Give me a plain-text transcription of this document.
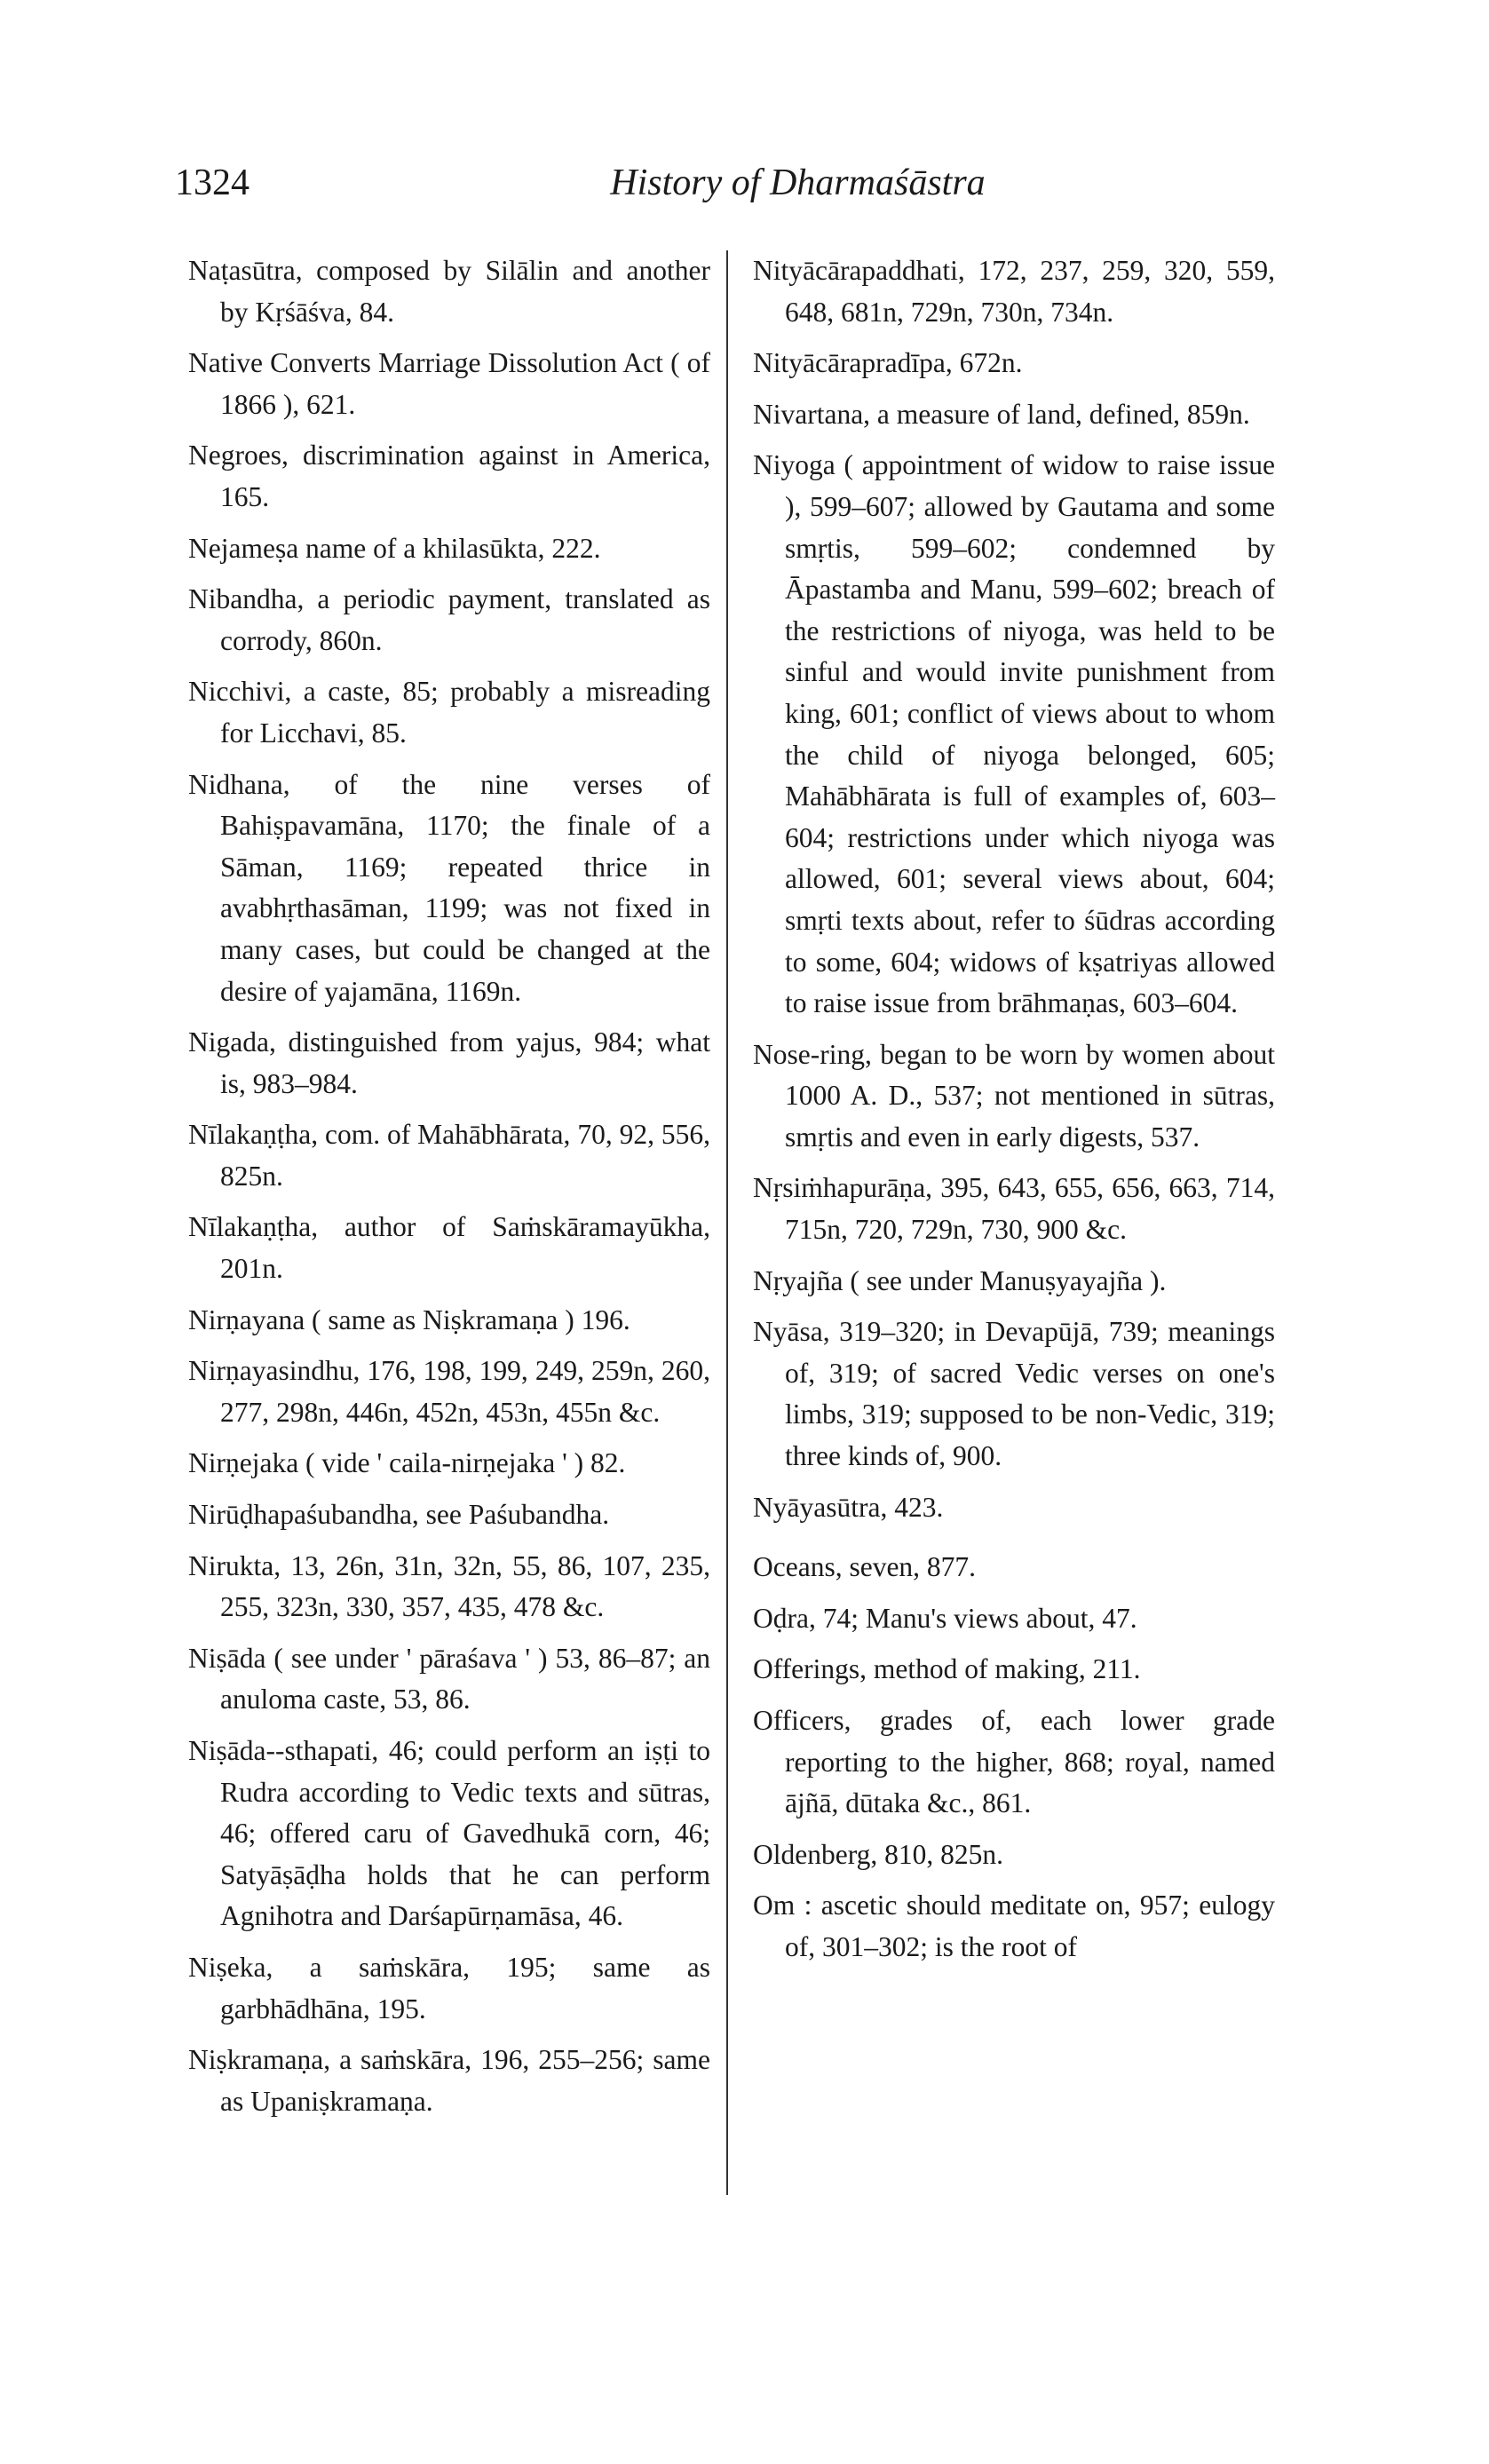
1324	History of Dharmaśāstra

Naṭasūtra, composed by Silālin and another by Kṛśāśva, 84.

Native Converts Marriage Dissolution Act ( of 1866 ), 621.

Negroes, discrimination against in America, 165.

Nejameṣa name of a khilasūkta, 222.

Nibandha, a periodic payment, translated as corrody, 860n.

Nicchivi, a caste, 85; probably a misreading for Licchavi, 85.

Nidhana, of the nine verses of Bahiṣpavamāna, 1170; the finale of a Sāman, 1169; repeated thrice in avabhṛthasāman, 1199; was not fixed in many cases, but could be changed at the desire of yajamāna, 1169n.

Nigada, distinguished from yajus, 984; what is, 983–984.

Nīlakaṇṭha, com. of Mahābhārata, 70, 92, 556, 825n.

Nīlakaṇṭha, author of Saṁskāramayūkha, 201n.

Nirṇayana ( same as Niṣkramaṇa ) 196.

Nirṇayasindhu, 176, 198, 199, 249, 259n, 260, 277, 298n, 446n, 452n, 453n, 455n &c.

Nirṇejaka ( vide ' caila-nirṇejaka ' ) 82.

Nirūḍhapaśubandha, see Paśubandha.

Nirukta, 13, 26n, 31n, 32n, 55, 86, 107, 235, 255, 323n, 330, 357, 435, 478 &c.

Niṣāda ( see under ' pāraśava ' ) 53, 86–87; an anuloma caste, 53, 86.

Niṣāda--sthapati, 46; could perform an iṣṭi to Rudra according to Vedic texts and sūtras, 46; offered caru of Gavedhukā corn, 46; Satyāṣāḍha holds that he can perform Agnihotra and Darśapūrṇamāsa, 46.

Niṣeka, a saṁskāra, 195; same as garbhādhāna, 195.

Niṣkramaṇa, a saṁskāra, 196, 255–256; same as Upaniṣkramaṇa.

Nityācārapaddhati, 172, 237, 259, 320, 559, 648, 681n, 729n, 730n, 734n.

Nityācārapradīpa, 672n.

Nivartana, a measure of land, defined, 859n.

Niyoga ( appointment of widow to raise issue ), 599–607; allowed by Gautama and some smṛtis, 599–602; condemned by Āpastamba and Manu, 599–602; breach of the restrictions of niyoga, was held to be sinful and would invite punishment from king, 601; conflict of views about to whom the child of niyoga belonged, 605; Mahābhārata is full of examples of, 603–604; restrictions under which niyoga was allowed, 601; several views about, 604; smṛti texts about, refer to śūdras according to some, 604; widows of kṣatriyas allowed to raise issue from brāhmaṇas, 603–604.

Nose-ring, began to be worn by women about 1000 A. D., 537; not mentioned in sūtras, smṛtis and even in early digests, 537.

Nṛsiṁhapurāṇa, 395, 643, 655, 656, 663, 714, 715n, 720, 729n, 730, 900 &c.

Nṛyajña ( see under Manuṣyayajña ).

Nyāsa, 319–320; in Devapūjā, 739; meanings of, 319; of sacred Vedic verses on one's limbs, 319; supposed to be non-Vedic, 319; three kinds of, 900.

Nyāyasūtra, 423.

Oceans, seven, 877.

Oḍra, 74; Manu's views about, 47.

Offerings, method of making, 211.

Officers, grades of, each lower grade reporting to the higher, 868; royal, named ājñā, dūtaka &c., 861.

Oldenberg, 810, 825n.

Om : ascetic should meditate on, 957; eulogy of, 301–302; is the root of
